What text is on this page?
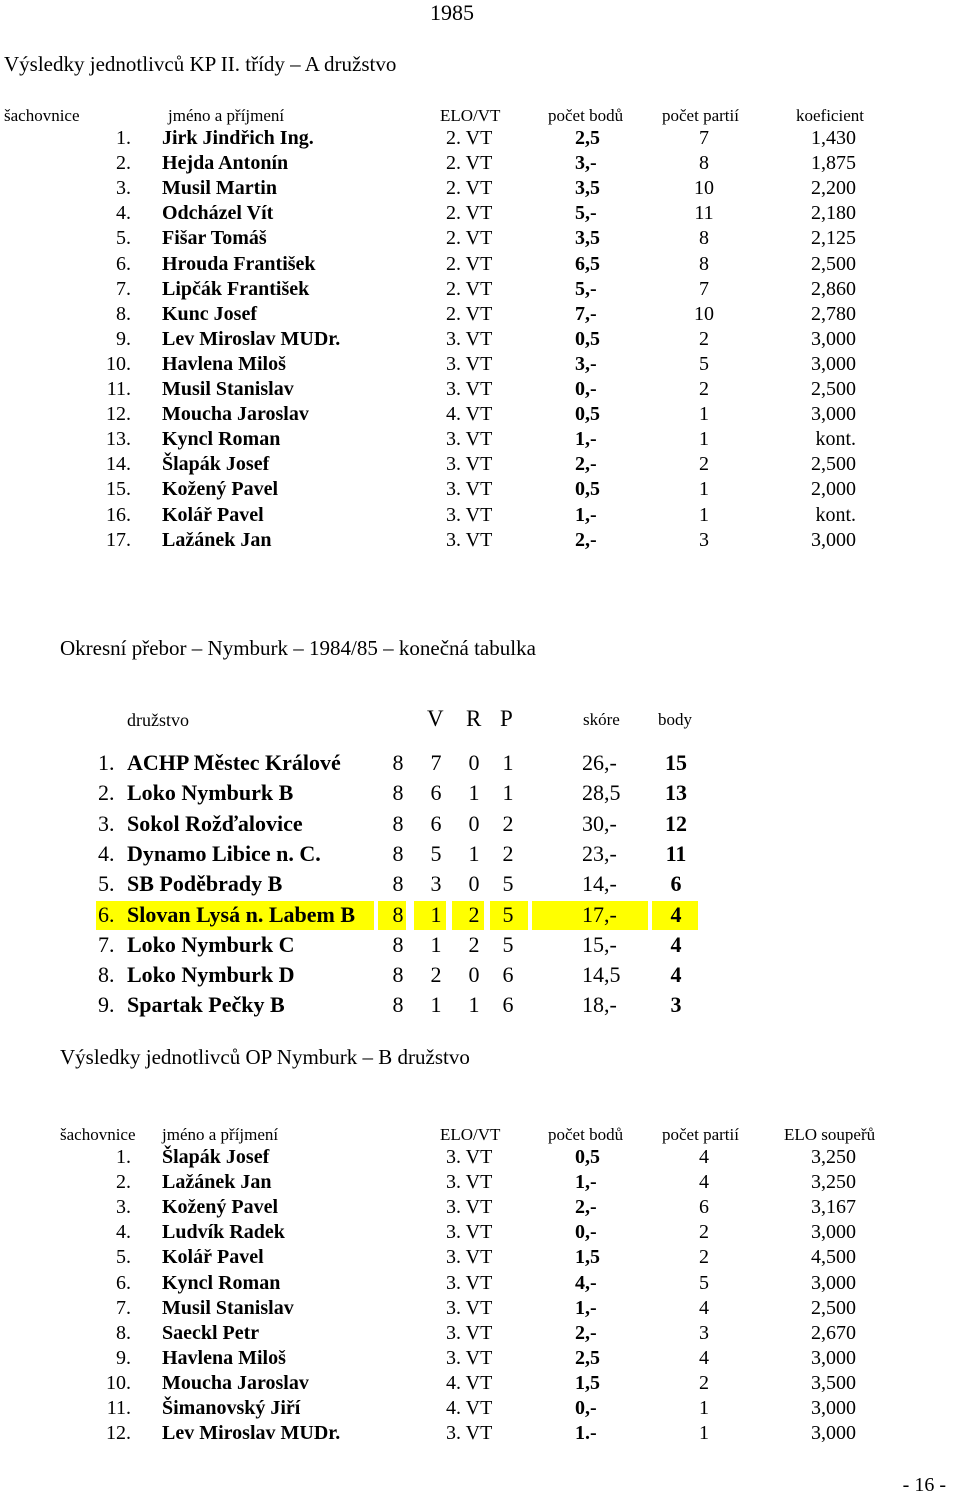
1985
Výsledky jednotlivců KP II. třídy – A družstvo
šachovnice	jméno a příjmení	ELO/VT	počet bodů počet partií	koeficient
1. Jirk Jindřich Ing.	2. VT	2,5	7	1,430
2. Hejda Antonín	2. VT	3,-	8	1,875
3. Musil Martin	2. VT	3,5	10	2,200
4. Odcházel Vít	2. VT	5,-	11	2,180
5. Fišar Tomáš	2. VT	3,5	8	2,125
6. Hrouda František	2. VT	6,5	8	2,500
7. Lipčák František	2. VT	5,-	7	2,860
8. Kunc Josef	2. VT	7,-	10	2,780
9. Lev Miroslav MUDr.	3. VT	0,5	2	3,000
10. Havlena Miloš	3. VT	3,-	5	3,000
11. Musil Stanislav	3. VT	0,-	2	2,500
12. Moucha Jaroslav	4. VT	0,5	1	3,000
13. Kyncl Roman	3. VT	1,-	1	kont.
14. Šlapák Josef	3. VT	2,-	2	2,500
15. Kožený Pavel	3. VT	0,5	1	2,000
16. Kolář Pavel	3. VT	1,-	1	kont.
17. Lažánek Jan	3. VT	2,-	3	3,000
Okresní přebor – Nymburk – 1984/85 – konečná tabulka
družstvo	V R P	skóre body
1. ACHP Městec Králové 8 7 0 1	26,-	15
2. Loko Nymburk B	8 6 1 1	28,5	13
3. Sokol Rožďalovice	8 6 0 2	30,-	12
4. Dynamo Libice n. C.	8 5 1 2	23,-	11
5. SB Poděbrady B	8 3 0 5	14,-	6
6. Slovan Lysá n. Labem B 8 1 2 5	17,-	4
7. Loko Nymburk C	8 1 2 5	15,-	4
8. Loko Nymburk D	8 2 0 6	14,5	4
9. Spartak Pečky B	8 1 1 6	18,-	3
Výsledky jednotlivců OP Nymburk – B družstvo
šachovnice jméno a příjmení	ELO/VT	počet bodů počet partií	ELO soupeřů
1. Šlapák Josef	3. VT	0,5	4	3,250
2. Lažánek Jan	3. VT	1,-	4	3,250
3. Kožený Pavel	3. VT	2,-	6	3,167
4. Ludvík Radek	3. VT	0,-	2	3,000
5. Kolář Pavel	3. VT	1,5	2	4,500
6. Kyncl Roman	3. VT	4,-	5	3,000
7. Musil Stanislav	3. VT	1,-	4	2,500
8. Saeckl Petr	3. VT	2,-	3	2,670
9. Havlena Miloš	3. VT	2,5	4	3,000
10. Moucha Jaroslav	4. VT	1,5	2	3,500
11. Šimanovský Jiří	4. VT	0,-	1	3,000
12. Lev Miroslav MUDr.	3. VT	1.-	1	3,000
- 16 -
